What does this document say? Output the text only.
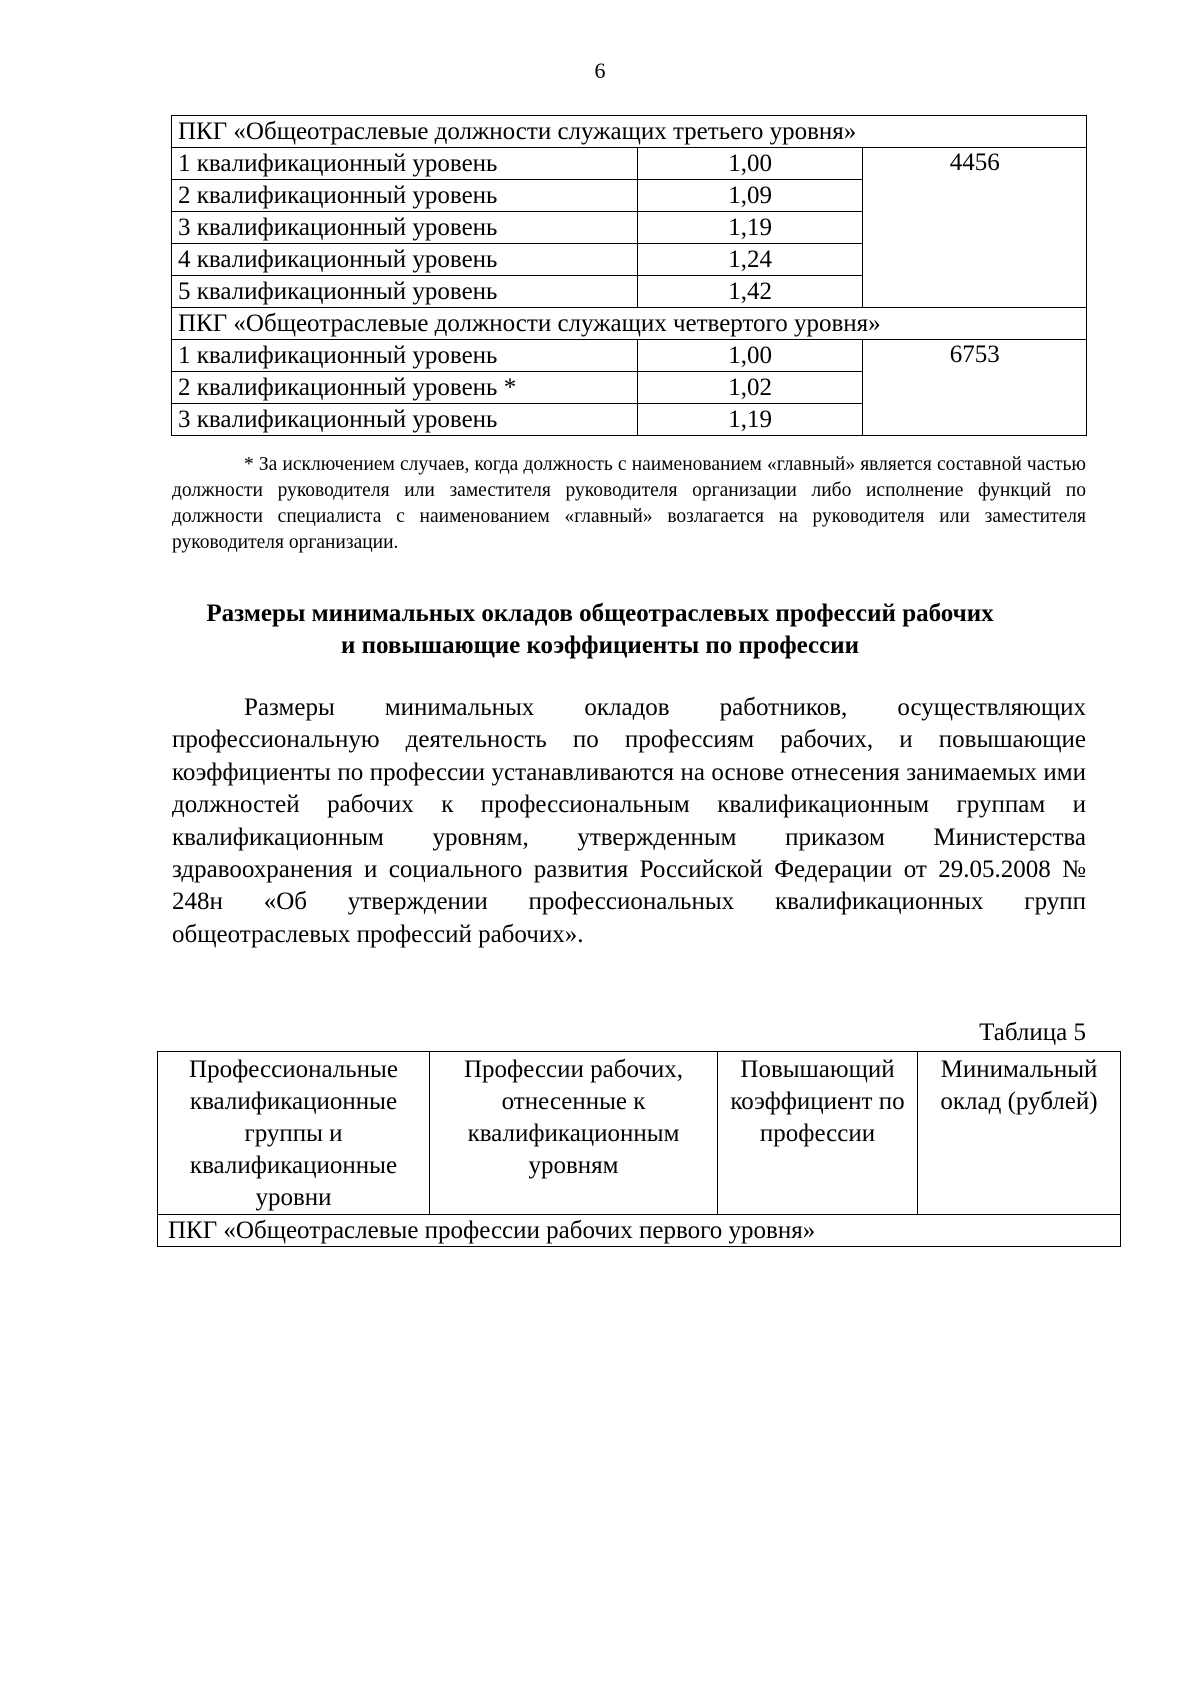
6
ПКГ «Общеотраслевые должности служащих третьего уровня»		
1 квалификационный уровень	1,00	4456
2 квалификационный уровень	1,09	
3 квалификационный уровень	1,19	
4 квалификационный уровень	1,24	
5 квалификационный уровень	1,42	
ПКГ «Общеотраслевые должности служащих четвертого уровня»		
1 квалификационный уровень	1,00	6753
2 квалификационный уровень *	1,02	
3 квалификационный уровень	1,19	
* За исключением случаев, когда должность с наименованием «главный» является составной частью должности руководителя или заместителя руководителя организации либо исполнение функций по должности специалиста с наименованием «главный» возлагается на руководителя или заместителя руководителя организации.
Размеры минимальных окладов общеотраслевых профессий рабочих
и повышающие коэффициенты по профессии
Размеры минимальных окладов работников, осуществляющих профессиональную деятельность по профессиям рабочих, и повышающие коэффициенты по профессии устанавливаются на основе отнесения занимаемых ими должностей рабочих к профессиональным квалификационным группам и квалификационным уровням, утвержденным приказом Министерства здравоохранения и социального развития Российской Федерации от 29.05.2008 № 248н «Об утверждении профессиональных квалификационных групп общеотраслевых профессий рабочих».
Таблица 5
Профессиональные квалификационные группы и квалификационные уровни	Профессии рабочих, отнесенные к квалификационным уровням	Повышающий коэффициент по профессии	Минимальный оклад (рублей)
ПКГ «Общеотраслевые профессии рабочих первого уровня»
